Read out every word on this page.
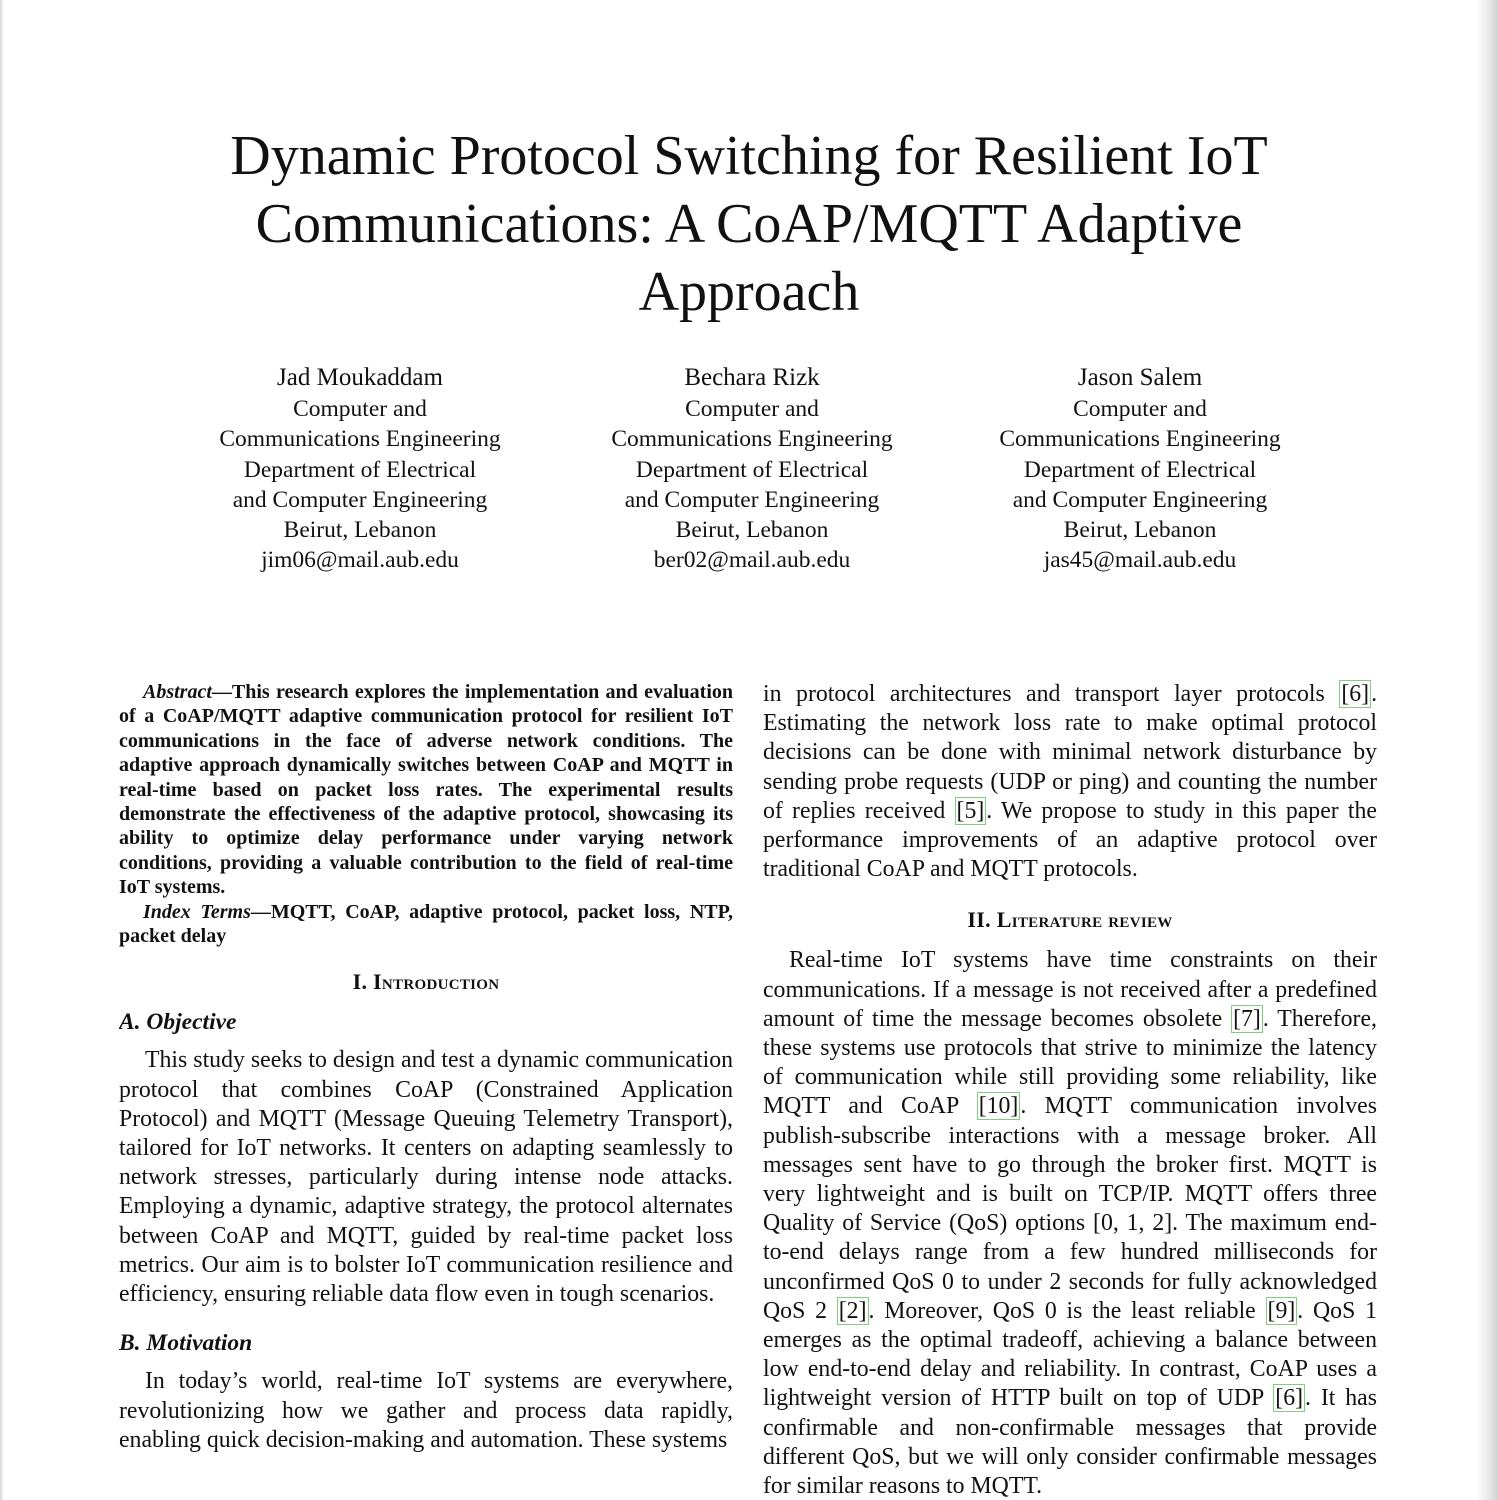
Dynamic Protocol Switching for Resilient IoT
Communications: A CoAP/MQTT Adaptive
Approach
Jad Moukaddam
Computer and
Communications Engineering
Department of Electrical
and Computer Engineering
Beirut, Lebanon
jim06@mail.aub.edu
Bechara Rizk
Computer and
Communications Engineering
Department of Electrical
and Computer Engineering
Beirut, Lebanon
ber02@mail.aub.edu
Jason Salem
Computer and
Communications Engineering
Department of Electrical
and Computer Engineering
Beirut, Lebanon
jas45@mail.aub.edu

Abstract—This research explores the implementation and evaluation of a CoAP/MQTT adaptive communication protocol for resilient IoT communications in the face of adverse network conditions. The adaptive approach dynamically switches between CoAP and MQTT in real-time based on packet loss rates. The experimental results demonstrate the effectiveness of the adaptive protocol, showcasing its ability to optimize delay performance under varying network conditions, providing a valuable contribution to the field of real-time IoT systems.

Index Terms—MQTT, CoAP, adaptive protocol, packet loss, NTP, packet delay

I. Introduction
A. Objective

This study seeks to design and test a dynamic communication protocol that combines CoAP (Constrained Application Protocol) and MQTT (Message Queuing Telemetry Transport), tailored for IoT networks. It centers on adapting seamlessly to network stresses, particularly during intense node attacks. Employing a dynamic, adaptive strategy, the protocol alternates between CoAP and MQTT, guided by real-time packet loss metrics. Our aim is to bolster IoT communication resilience and efficiency, ensuring reliable data flow even in tough scenarios.

B. Motivation

In today’s world, real-time IoT systems are everywhere, revolutionizing how we gather and process data rapidly, enabling quick decision-making and automation. These systems

in protocol architectures and transport layer protocols [6]. Estimating the network loss rate to make optimal protocol decisions can be done with minimal network disturbance by sending probe requests (UDP or ping) and counting the number of replies received [5]. We propose to study in this paper the performance improvements of an adaptive protocol over traditional CoAP and MQTT protocols.

II. Literature review

Real-time IoT systems have time constraints on their communications. If a message is not received after a predefined amount of time the message becomes obsolete [7]. Therefore, these systems use protocols that strive to minimize the latency of communication while still providing some reliability, like MQTT and CoAP [10]. MQTT communication involves publish-subscribe interactions with a message broker. All messages sent have to go through the broker first. MQTT is very lightweight and is built on TCP/IP. MQTT offers three Quality of Service (QoS) options [0, 1, 2]. The maximum end-to-end delays range from a few hundred milliseconds for unconfirmed QoS 0 to under 2 seconds for fully acknowledged QoS 2 [2]. Moreover, QoS 0 is the least reliable [9]. QoS 1 emerges as the optimal tradeoff, achieving a balance between low end-to-end delay and reliability. In contrast, CoAP uses a lightweight version of HTTP built on top of UDP [6]. It has confirmable and non-confirmable messages that provide different QoS, but we will only consider confirmable messages for similar reasons to MQTT.
